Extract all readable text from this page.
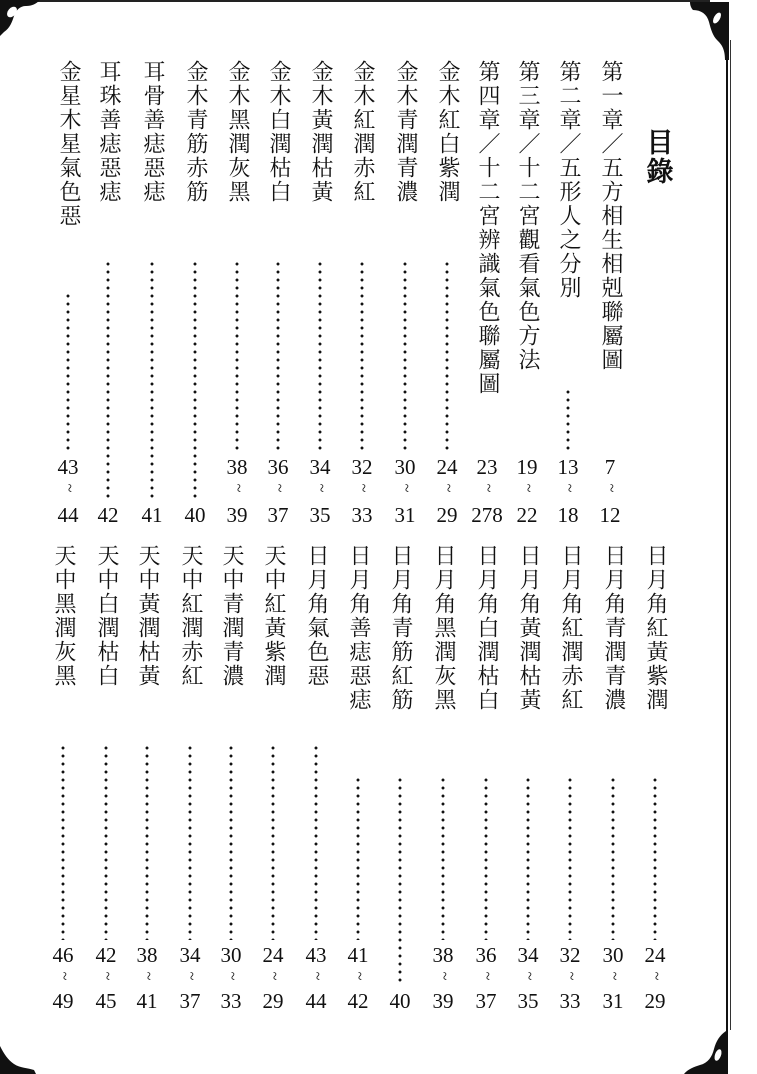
目錄
第一章／五方相生相剋聯屬圖
7
~
12
第二章／五形人之分別
13
~
18
第三章／十二宮觀看氣色方法
19
~
22
第四章／十二宮辨識氣色聯屬圖
23
~
278
金木紅白紫潤
24
~
29
金木青潤青濃
30
~
31
金木紅潤赤紅
32
~
33
金木黃潤枯黃
34
~
35
金木白潤枯白
36
~
37
金木黑潤灰黑
38
~
39
金木青筋赤筋
40
耳骨善痣惡痣
41
耳珠善痣惡痣
42
金星木星氣色惡
43
~
44
日月角紅黃紫潤
24
~
29
日月角青潤青濃
30
~
31
日月角紅潤赤紅
32
~
33
日月角黃潤枯黃
34
~
35
日月角白潤枯白
36
~
37
日月角黑潤灰黑
38
~
39
日月角青筋紅筋
40
日月角善痣惡痣
41
~
42
日月角氣色惡
43
~
44
天中紅黃紫潤
24
~
29
天中青潤青濃
30
~
33
天中紅潤赤紅
34
~
37
天中黃潤枯黃
38
~
41
天中白潤枯白
42
~
45
天中黑潤灰黑
46
~
49
